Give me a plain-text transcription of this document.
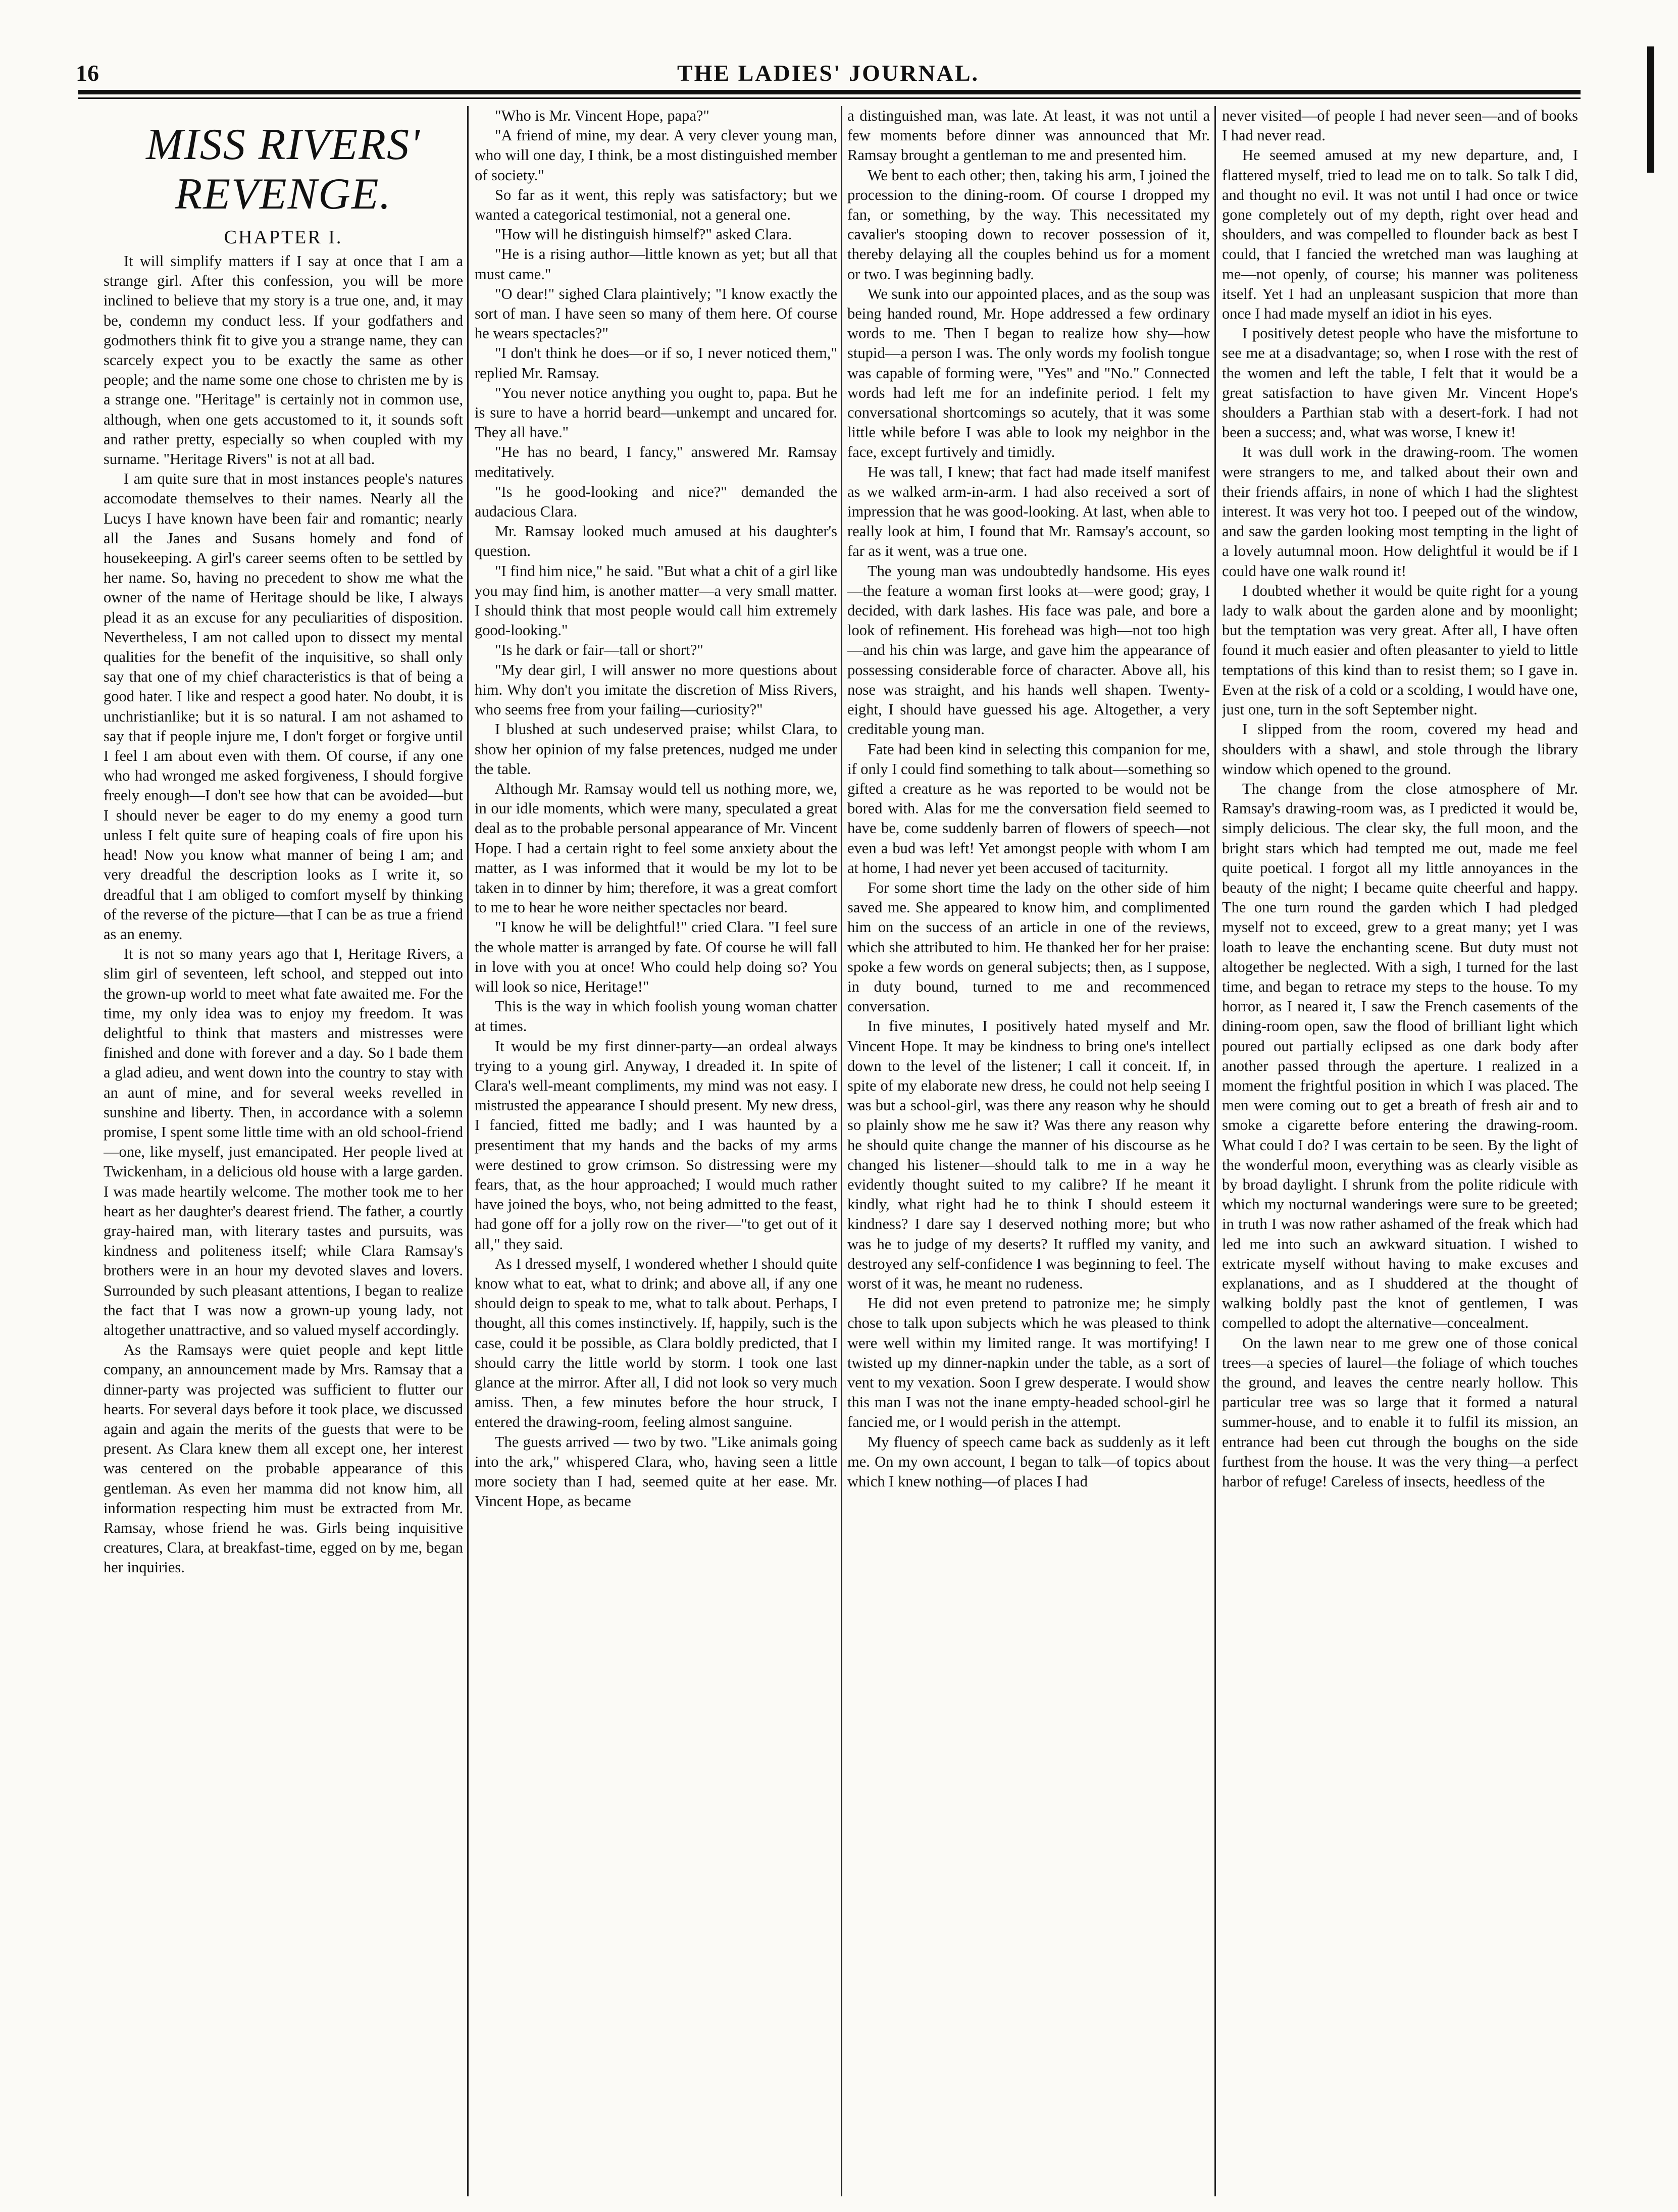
16	THE LADIES' JOURNAL.
MISS RIVERS' REVENGE.
CHAPTER I.

It will simplify matters if I say at once that I am a strange girl. After this confession, you will be more inclined to believe that my story is a true one, and, it may be, condemn my conduct less. If your godfathers and godmothers think fit to give you a strange name, they can scarcely expect you to be exactly the same as other people; and the name some one chose to christen me by is a strange one. "Heritage" is certainly not in common use, although, when one gets accustomed to it, it sounds soft and rather pretty, especially so when coupled with my surname. "Heritage Rivers" is not at all bad.

I am quite sure that in most instances people's natures accomodate themselves to their names. Nearly all the Lucys I have known have been fair and romantic; nearly all the Janes and Susans homely and fond of housekeeping. A girl's career seems often to be settled by her name. So, having no precedent to show me what the owner of the name of Heritage should be like, I always plead it as an excuse for any peculiarities of disposition. Nevertheless, I am not called upon to dissect my mental qualities for the benefit of the inquisitive, so shall only say that one of my chief characteristics is that of being a good hater. I like and respect a good hater. No doubt, it is unchristianlike; but it is so natural. I am not ashamed to say that if people injure me, I don't forget or forgive until I feel I am about even with them. Of course, if any one who had wronged me asked forgiveness, I should forgive freely enough—I don't see how that can be avoided—but I should never be eager to do my enemy a good turn unless I felt quite sure of heaping coals of fire upon his head! Now you know what manner of being I am; and very dreadful the description looks as I write it, so dreadful that I am obliged to comfort myself by thinking of the reverse of the picture—that I can be as true a friend as an enemy.

It is not so many years ago that I, Heritage Rivers, a slim girl of seventeen, left school, and stepped out into the grown-up world to meet what fate awaited me. For the time, my only idea was to enjoy my freedom. It was delightful to think that masters and mistresses were finished and done with forever and a day. So I bade them a glad adieu, and went down into the country to stay with an aunt of mine, and for several weeks revelled in sunshine and liberty. Then, in accordance with a solemn promise, I spent some little time with an old school-friend—one, like myself, just emancipated. Her people lived at Twickenham, in a delicious old house with a large garden. I was made heartily welcome. The mother took me to her heart as her daughter's dearest friend. The father, a courtly gray-haired man, with literary tastes and pursuits, was kindness and politeness itself; while Clara Ramsay's brothers were in an hour my devoted slaves and lovers. Surrounded by such pleasant attentions, I began to realize the fact that I was now a grown-up young lady, not altogether unattractive, and so valued myself accordingly.

As the Ramsays were quiet people and kept little company, an announcement made by Mrs. Ramsay that a dinner-party was projected was sufficient to flutter our hearts. For several days before it took place, we discussed again and again the merits of the guests that were to be present. As Clara knew them all except one, her interest was centered on the probable appearance of this gentleman. As even her mamma did not know him, all information respecting him must be extracted from Mr. Ramsay, whose friend he was. Girls being inquisitive creatures, Clara, at breakfast-time, egged on by me, began her inquiries.

"Who is Mr. Vincent Hope, papa?"

"A friend of mine, my dear. A very clever young man, who will one day, I think, be a most distinguished member of society."

So far as it went, this reply was satisfactory; but we wanted a categorical testimonial, not a general one.

"How will he distinguish himself?" asked Clara.

"He is a rising author—little known as yet; but all that must came."

"O dear!" sighed Clara plaintively; "I know exactly the sort of man. I have seen so many of them here. Of course he wears spectacles?"

"I don't think he does—or if so, I never noticed them," replied Mr. Ramsay.

"You never notice anything you ought to, papa. But he is sure to have a horrid beard—unkempt and uncared for. They all have."

"He has no beard, I fancy," answered Mr. Ramsay meditatively.

"Is he good-looking and nice?" demanded the audacious Clara.

Mr. Ramsay looked much amused at his daughter's question.

"I find him nice," he said. "But what a chit of a girl like you may find him, is another matter—a very small matter. I should think that most people would call him extremely good-looking."

"Is he dark or fair—tall or short?"

"My dear girl, I will answer no more questions about him. Why don't you imitate the discretion of Miss Rivers, who seems free from your failing—curiosity?"

I blushed at such undeserved praise; whilst Clara, to show her opinion of my false pretences, nudged me under the table.

Although Mr. Ramsay would tell us nothing more, we, in our idle moments, which were many, speculated a great deal as to the probable personal appearance of Mr. Vincent Hope. I had a certain right to feel some anxiety about the matter, as I was informed that it would be my lot to be taken in to dinner by him; therefore, it was a great comfort to me to hear he wore neither spectacles nor beard.

"I know he will be delightful!" cried Clara. "I feel sure the whole matter is arranged by fate. Of course he will fall in love with you at once! Who could help doing so? You will look so nice, Heritage!"

This is the way in which foolish young woman chatter at times.

It would be my first dinner-party—an ordeal always trying to a young girl. Anyway, I dreaded it. In spite of Clara's well-meant compliments, my mind was not easy. I mistrusted the appearance I should present. My new dress, I fancied, fitted me badly; and I was haunted by a presentiment that my hands and the backs of my arms were destined to grow crimson. So distressing were my fears, that, as the hour approached; I would much rather have joined the boys, who, not being admitted to the feast, had gone off for a jolly row on the river—"to get out of it all," they said.

As I dressed myself, I wondered whether I should quite know what to eat, what to drink; and above all, if any one should deign to speak to me, what to talk about. Perhaps, I thought, all this comes instinctively. If, happily, such is the case, could it be possible, as Clara boldly predicted, that I should carry the little world by storm. I took one last glance at the mirror. After all, I did not look so very much amiss. Then, a few minutes before the hour struck, I entered the drawing-room, feeling almost sanguine.

The guests arrived — two by two. "Like animals going into the ark," whispered Clara, who, having seen a little more society than I had, seemed quite at her ease. Mr. Vincent Hope, as became

a distinguished man, was late. At least, it was not until a few moments before dinner was announced that Mr. Ramsay brought a gentleman to me and presented him.

We bent to each other; then, taking his arm, I joined the procession to the dining-room. Of course I dropped my fan, or something, by the way. This necessitated my cavalier's stooping down to recover possession of it, thereby delaying all the couples behind us for a moment or two. I was beginning badly.

We sunk into our appointed places, and as the soup was being handed round, Mr. Hope addressed a few ordinary words to me. Then I began to realize how shy—how stupid—a person I was. The only words my foolish tongue was capable of forming were, "Yes" and "No." Connected words had left me for an indefinite period. I felt my conversational shortcomings so acutely, that it was some little while before I was able to look my neighbor in the face, except furtively and timidly.

He was tall, I knew; that fact had made itself manifest as we walked arm-in-arm. I had also received a sort of impression that he was good-looking. At last, when able to really look at him, I found that Mr. Ramsay's account, so far as it went, was a true one.

The young man was undoubtedly handsome. His eyes—the feature a woman first looks at—were good; gray, I decided, with dark lashes. His face was pale, and bore a look of refinement. His forehead was high—not too high—and his chin was large, and gave him the appearance of possessing considerable force of character. Above all, his nose was straight, and his hands well shapen. Twenty-eight, I should have guessed his age. Altogether, a very creditable young man.

Fate had been kind in selecting this companion for me, if only I could find something to talk about—something so gifted a creature as he was reported to be would not be bored with. Alas for me the conversation field seemed to have be, come suddenly barren of flowers of speech—not even a bud was left! Yet amongst people with whom I am at home, I had never yet been accused of taciturnity.

For some short time the lady on the other side of him saved me. She appeared to know him, and complimented him on the success of an article in one of the reviews, which she attributed to him. He thanked her for her praise: spoke a few words on general subjects; then, as I suppose, in duty bound, turned to me and recommenced conversation.

In five minutes, I positively hated myself and Mr. Vincent Hope. It may be kindness to bring one's intellect down to the level of the listener; I call it conceit. If, in spite of my elaborate new dress, he could not help seeing I was but a school-girl, was there any reason why he should so plainly show me he saw it? Was there any reason why he should quite change the manner of his discourse as he changed his listener—should talk to me in a way he evidently thought suited to my calibre? If he meant it kindly, what right had he to think I should esteem it kindness? I dare say I deserved nothing more; but who was he to judge of my deserts? It ruffled my vanity, and destroyed any self-confidence I was beginning to feel. The worst of it was, he meant no rudeness.

He did not even pretend to patronize me; he simply chose to talk upon subjects which he was pleased to think were well within my limited range. It was mortifying! I twisted up my dinner-napkin under the table, as a sort of vent to my vexation. Soon I grew desperate. I would show this man I was not the inane empty-headed school-girl he fancied me, or I would perish in the attempt.

My fluency of speech came back as suddenly as it left me. On my own account, I began to talk—of topics about which I knew nothing—of places I had

never visited—of people I had never seen—and of books I had never read.

He seemed amused at my new departure, and, I flattered myself, tried to lead me on to talk. So talk I did, and thought no evil. It was not until I had once or twice gone completely out of my depth, right over head and shoulders, and was compelled to flounder back as best I could, that I fancied the wretched man was laughing at me—not openly, of course; his manner was politeness itself. Yet I had an unpleasant suspicion that more than once I had made myself an idiot in his eyes.

I positively detest people who have the misfortune to see me at a disadvantage; so, when I rose with the rest of the women and left the table, I felt that it would be a great satisfaction to have given Mr. Vincent Hope's shoulders a Parthian stab with a desert-fork. I had not been a success; and, what was worse, I knew it!

It was dull work in the drawing-room. The women were strangers to me, and talked about their own and their friends affairs, in none of which I had the slightest interest. It was very hot too. I peeped out of the window, and saw the garden looking most tempting in the light of a lovely autumnal moon. How delightful it would be if I could have one walk round it!

I doubted whether it would be quite right for a young lady to walk about the garden alone and by moonlight; but the temptation was very great. After all, I have often found it much easier and often pleasanter to yield to little temptations of this kind than to resist them; so I gave in. Even at the risk of a cold or a scolding, I would have one, just one, turn in the soft September night.

I slipped from the room, covered my head and shoulders with a shawl, and stole through the library window which opened to the ground.

The change from the close atmosphere of Mr. Ramsay's drawing-room was, as I predicted it would be, simply delicious. The clear sky, the full moon, and the bright stars which had tempted me out, made me feel quite poetical. I forgot all my little annoyances in the beauty of the night; I became quite cheerful and happy. The one turn round the garden which I had pledged myself not to exceed, grew to a great many; yet I was loath to leave the enchanting scene. But duty must not altogether be neglected. With a sigh, I turned for the last time, and began to retrace my steps to the house. To my horror, as I neared it, I saw the French casements of the dining-room open, saw the flood of brilliant light which poured out partially eclipsed as one dark body after another passed through the aperture. I realized in a moment the frightful position in which I was placed. The men were coming out to get a breath of fresh air and to smoke a cigarette before entering the drawing-room. What could I do? I was certain to be seen. By the light of the wonderful moon, everything was as clearly visible as by broad daylight. I shrunk from the polite ridicule with which my nocturnal wanderings were sure to be greeted; in truth I was now rather ashamed of the freak which had led me into such an awkward situation. I wished to extricate myself without having to make excuses and explanations, and as I shuddered at the thought of walking boldly past the knot of gentlemen, I was compelled to adopt the alternative—concealment.

On the lawn near to me grew one of those conical trees—a species of laurel—the foliage of which touches the ground, and leaves the centre nearly hollow. This particular tree was so large that it formed a natural summer-house, and to enable it to fulfil its mission, an entrance had been cut through the boughs on the side furthest from the house. It was the very thing—a perfect harbor of refuge! Careless of insects, heedless of the
